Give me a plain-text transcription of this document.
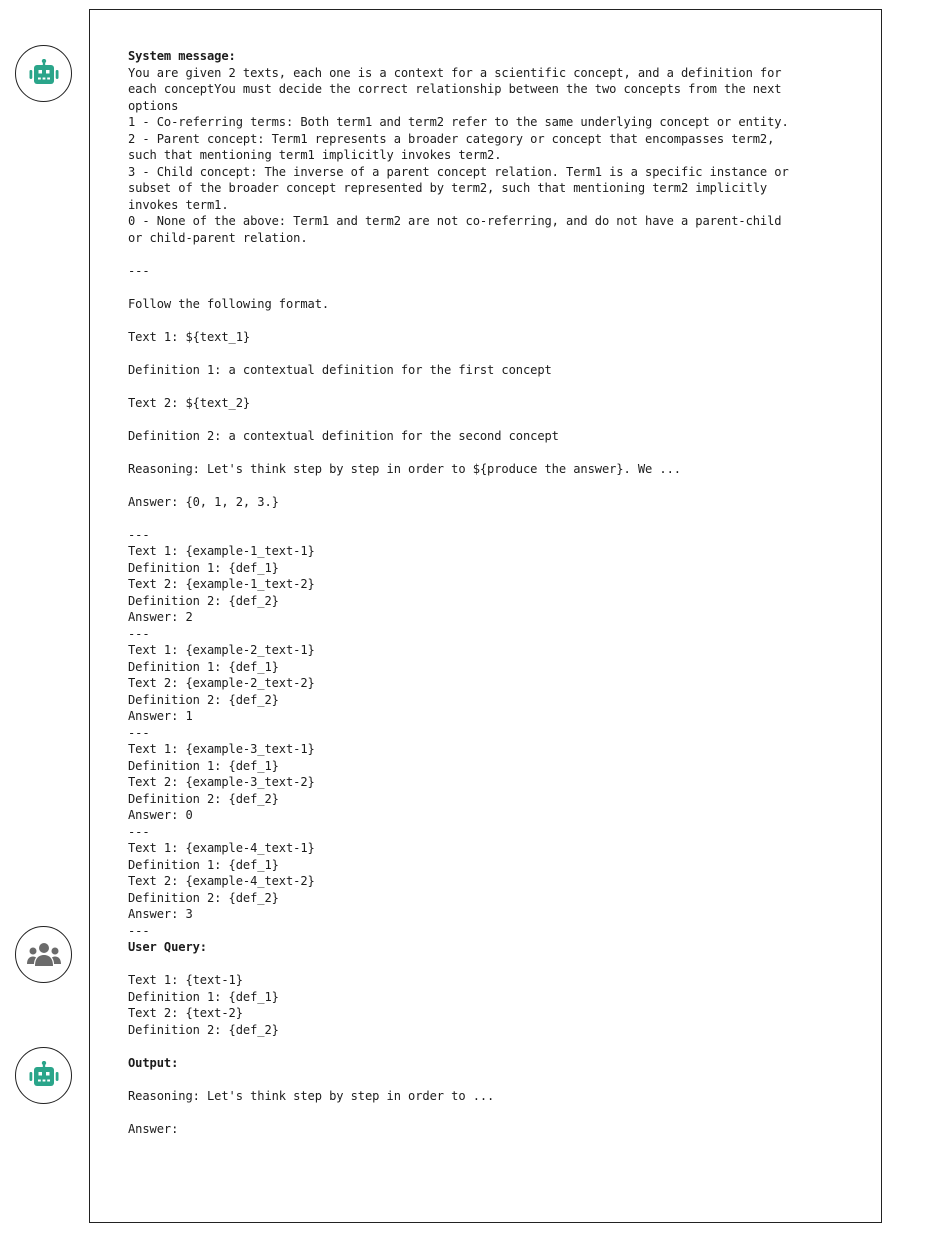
System message:
You are given 2 texts, each one is a context for a scientific concept, and a definition for
each conceptYou must decide the correct relationship between the two concepts from the next
options
1 - Co-referring terms: Both term1 and term2 refer to the same underlying concept or entity.
2 - Parent concept: Term1 represents a broader category or concept that encompasses term2,
such that mentioning term1 implicitly invokes term2.
3 - Child concept: The inverse of a parent concept relation. Term1 is a specific instance or
subset of the broader concept represented by term2, such that mentioning term2 implicitly
invokes term1.
0 - None of the above: Term1 and term2 are not co-referring, and do not have a parent-child
or child-parent relation.
---
Follow the following format.
Text 1: ${text_1}
Definition 1: a contextual definition for the first concept
Text 2: ${text_2}
Definition 2: a contextual definition for the second concept
Reasoning: Let's think step by step in order to ${produce the answer}. We ...
Answer: {0, 1, 2, 3.}
---
Text 1: {example-1_text-1}
Definition 1: {def_1}
Text 2: {example-1_text-2}
Definition 2: {def_2}
Answer: 2
---
Text 1: {example-2_text-1}
Definition 1: {def_1}
Text 2: {example-2_text-2}
Definition 2: {def_2}
Answer: 1
---
Text 1: {example-3_text-1}
Definition 1: {def_1}
Text 2: {example-3_text-2}
Definition 2: {def_2}
Answer: 0
---
Text 1: {example-4_text-1}
Definition 1: {def_1}
Text 2: {example-4_text-2}
Definition 2: {def_2}
Answer: 3
---
User Query:
Text 1: {text-1}
Definition 1: {def_1}
Text 2: {text-2}
Definition 2: {def_2}
Output:
Reasoning: Let's think step by step in order to ...
Answer:
